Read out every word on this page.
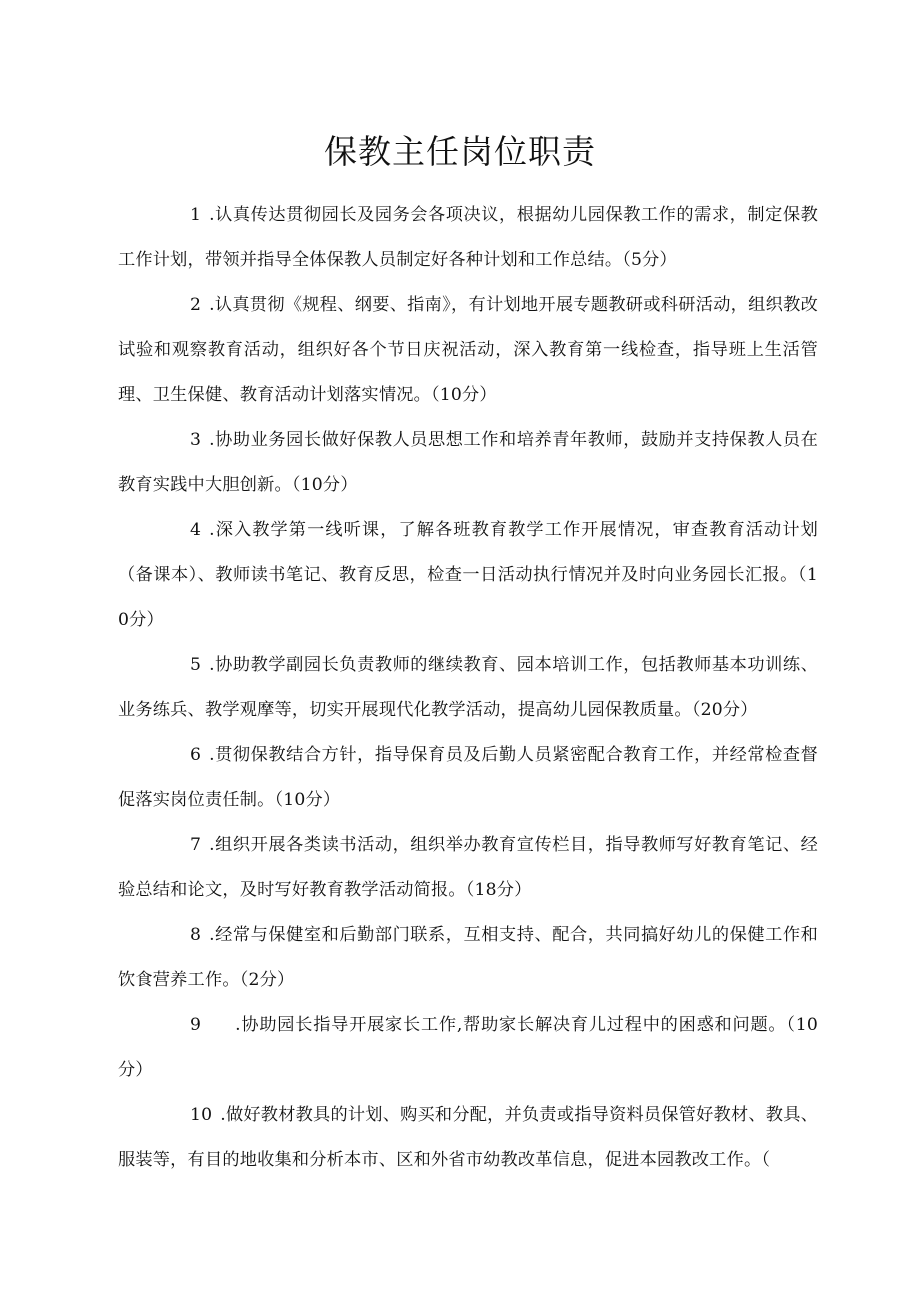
保教主任岗位职责

1 .认真传达贯彻园长及园务会各项决议，根据幼儿园保教工作的需求，制定保教工作计划，带领并指导全体保教人员制定好各种计划和工作总结。（5分）

2 .认真贯彻《规程、纲要、指南》，有计划地开展专题教研或科研活动，组织教改试验和观察教育活动，组织好各个节日庆祝活动，深入教育第一线检查，指导班上生活管理、卫生保健、教育活动计划落实情况。（10分）

3 .协助业务园长做好保教人员思想工作和培养青年教师，鼓励并支持保教人员在教育实践中大胆创新。（10分）

4 .深入教学第一线听课，了解各班教育教学工作开展情况，审查教育活动计划（备课本）、教师读书笔记、教育反思，检查一日活动执行情况并及时向业务园长汇报。（10分）

5 .协助教学副园长负责教师的继续教育、园本培训工作，包括教师基本功训练、业务练兵、教学观摩等，切实开展现代化教学活动，提高幼儿园保教质量。（20分）

6 .贯彻保教结合方针，指导保育员及后勤人员紧密配合教育工作，并经常检查督促落实岗位责任制。（10分）

7 .组织开展各类读书活动，组织举办教育宣传栏目，指导教师写好教育笔记、经验总结和论文，及时写好教育教学活动简报。（18分）

8 .经常与保健室和后勤部门联系，互相支持、配合，共同搞好幼儿的保健工作和饮食营养工作。（2分）

9 .协助园长指导开展家长工作,帮助家长解决育儿过程中的困惑和问题。（10分）

10 .做好教材教具的计划、购买和分配，并负责或指导资料员保管好教材、教具、服装等，有目的地收集和分析本市、区和外省市幼教改革信息，促进本园教改工作。（
